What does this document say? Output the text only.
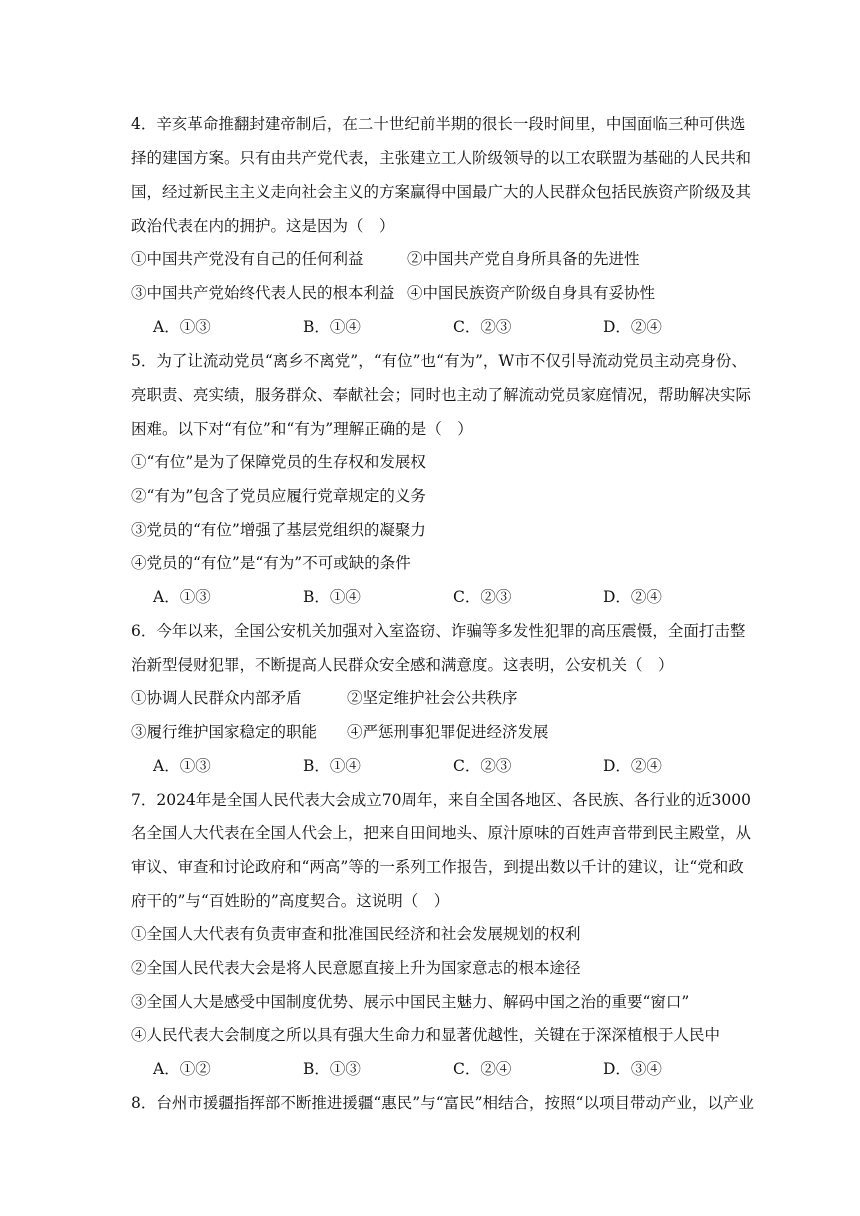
4．辛亥革命推翻封建帝制后，在二十世纪前半期的很长一段时间里，中国面临三种可供选
择的建国方案。只有由共产党代表，主张建立工人阶级领导的以工农联盟为基础的人民共和
国，经过新民主主义走向社会主义的方案赢得中国最广大的人民群众包括民族资产阶级及其
政治代表在内的拥护。这是因为（　）
①中国共产党没有自己的任何利益	②中国共产党自身所具备的先进性
③中国共产党始终代表人民的根本利益 ④中国民族资产阶级自身具有妥协性
A．①③	B．①④	C．②③	D．②④
5．为了让流动党员“离乡不离党”，“有位”也“有为”，W市不仅引导流动党员主动亮身份、
亮职责、亮实绩，服务群众、奉献社会；同时也主动了解流动党员家庭情况，帮助解决实际
困难。以下对“有位”和“有为”理解正确的是（　）
①“有位”是为了保障党员的生存权和发展权
②“有为”包含了党员应履行党章规定的义务
③党员的“有位”增强了基层党组织的凝聚力
④党员的“有位”是“有为”不可或缺的条件
A．①③	B．①④	C．②③	D．②④
6．今年以来，全国公安机关加强对入室盗窃、诈骗等多发性犯罪的高压震慑，全面打击整
治新型侵财犯罪，不断提高人民群众安全感和满意度。这表明，公安机关（　）
①协调人民群众内部矛盾	②坚定维护社会公共秩序
③履行维护国家稳定的职能	④严惩刑事犯罪促进经济发展
A．①③	B．①④	C．②③	D．②④
7．2024年是全国人民代表大会成立70周年，来自全国各地区、各民族、各行业的近3000
名全国人大代表在全国人代会上，把来自田间地头、原汁原味的百姓声音带到民主殿堂，从
审议、审查和讨论政府和“两高”等的一系列工作报告，到提出数以千计的建议，让“党和政
府干的”与“百姓盼的”高度契合。这说明（　）
①全国人大代表有负责审查和批准国民经济和社会发展规划的权利
②全国人民代表大会是将人民意愿直接上升为国家意志的根本途径
③全国人大是感受中国制度优势、展示中国民主魅力、解码中国之治的重要“窗口”
④人民代表大会制度之所以具有强大生命力和显著优越性，关键在于深深植根于人民中
A．①②	B．①③	C．②④	D．③④
8．台州市援疆指挥部不断推进援疆“惠民”与“富民”相结合，按照“以项目带动产业，以产业
